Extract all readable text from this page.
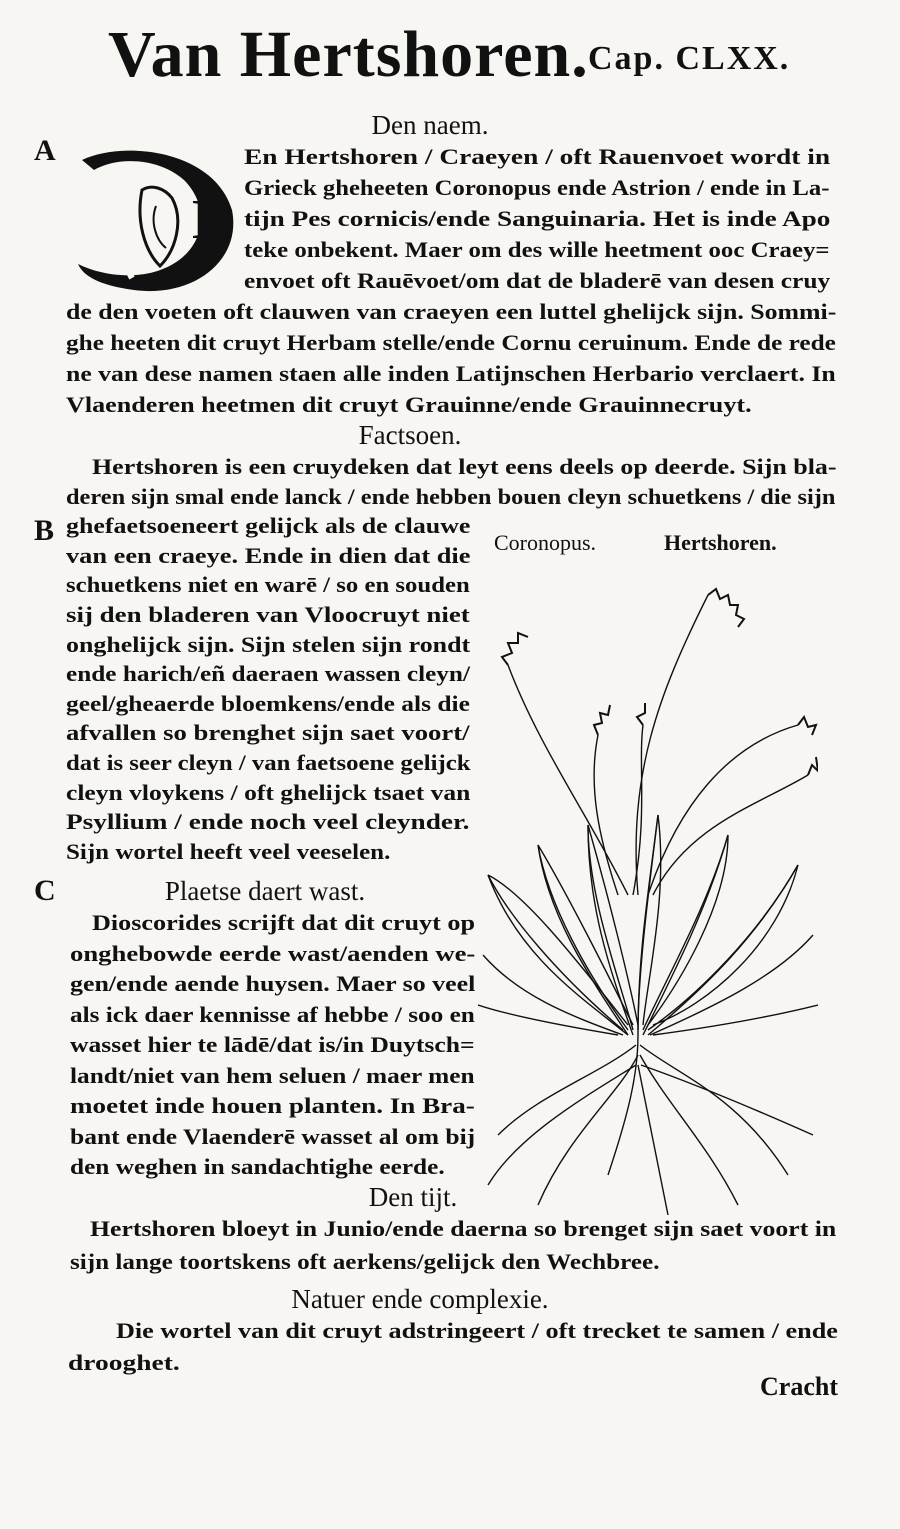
Van Hertshoren. Cap. CLXX.
Den naem.
A
D
En Hertshoren / Craeyen / oft Rauenvoet wordt in
Grieck gheheeten Coronopus ende Astrion / ende in La-
tijn Pes cornicis/ende Sanguinaria. Het is inde Apo
teke onbekent. Maer om des wille heetment ooc Craey=
envoet oft Rauēvoet/om dat de bladerē van desen cruy
de den voeten oft clauwen van craeyen een luttel ghelijck sijn. Sommi-
ghe heeten dit cruyt Herbam stelle/ende Cornu ceruinum. Ende de rede
ne van dese namen staen alle inden Latijnschen Herbario verclaert. In
Vlaenderen heetmen dit cruyt Grauinne/ende Grauinnecruyt.
Factsoen.
B
Hertshoren is een cruydeken dat leyt eens deels op deerde. Sijn bla-
deren sijn smal ende lanck / ende hebben bouen cleyn schuetkens / die sijn
ghefaetsoeneert gelijck als de clauwe
van een craeye. Ende in dien dat die
schuetkens niet en warē / so en souden
sij den bladeren van Vloocruyt niet
onghelijck sijn. Sijn stelen sijn rondt
ende harich/eñ daeraen wassen cleyn/
geel/gheaerde bloemkens/ende als die
afvallen so brenghet sijn saet voort/
dat is seer cleyn / van faetsoene gelijck
cleyn vloykens / oft ghelijck tsaet van
Psyllium / ende noch veel cleynder.
Sijn wortel heeft veel veeselen.
Coronopus.	Hertshoren.
C	Plaetse daert wast.
Dioscorides scrijft dat dit cruyt op
onghebowde eerde wast/aenden we-
gen/ende aende huysen. Maer so veel
als ick daer kennisse af hebbe / soo en
wasset hier te lādē/dat is/in Duytsch=
landt/niet van hem seluen / maer men
moetet inde houen planten. In Bra-
bant ende Vlaenderē wasset al om bij
den weghen in sandachtighe eerde.
Den tijt.
Hertshoren bloeyt in Junio/ende daerna so brenget sijn saet voort in
sijn lange toortskens oft aerkens/gelijck den Wechbree.
Natuer ende complexie.
Die wortel van dit cruyt adstringeert / oft trecket te samen / ende
drooghet.
Cracht
